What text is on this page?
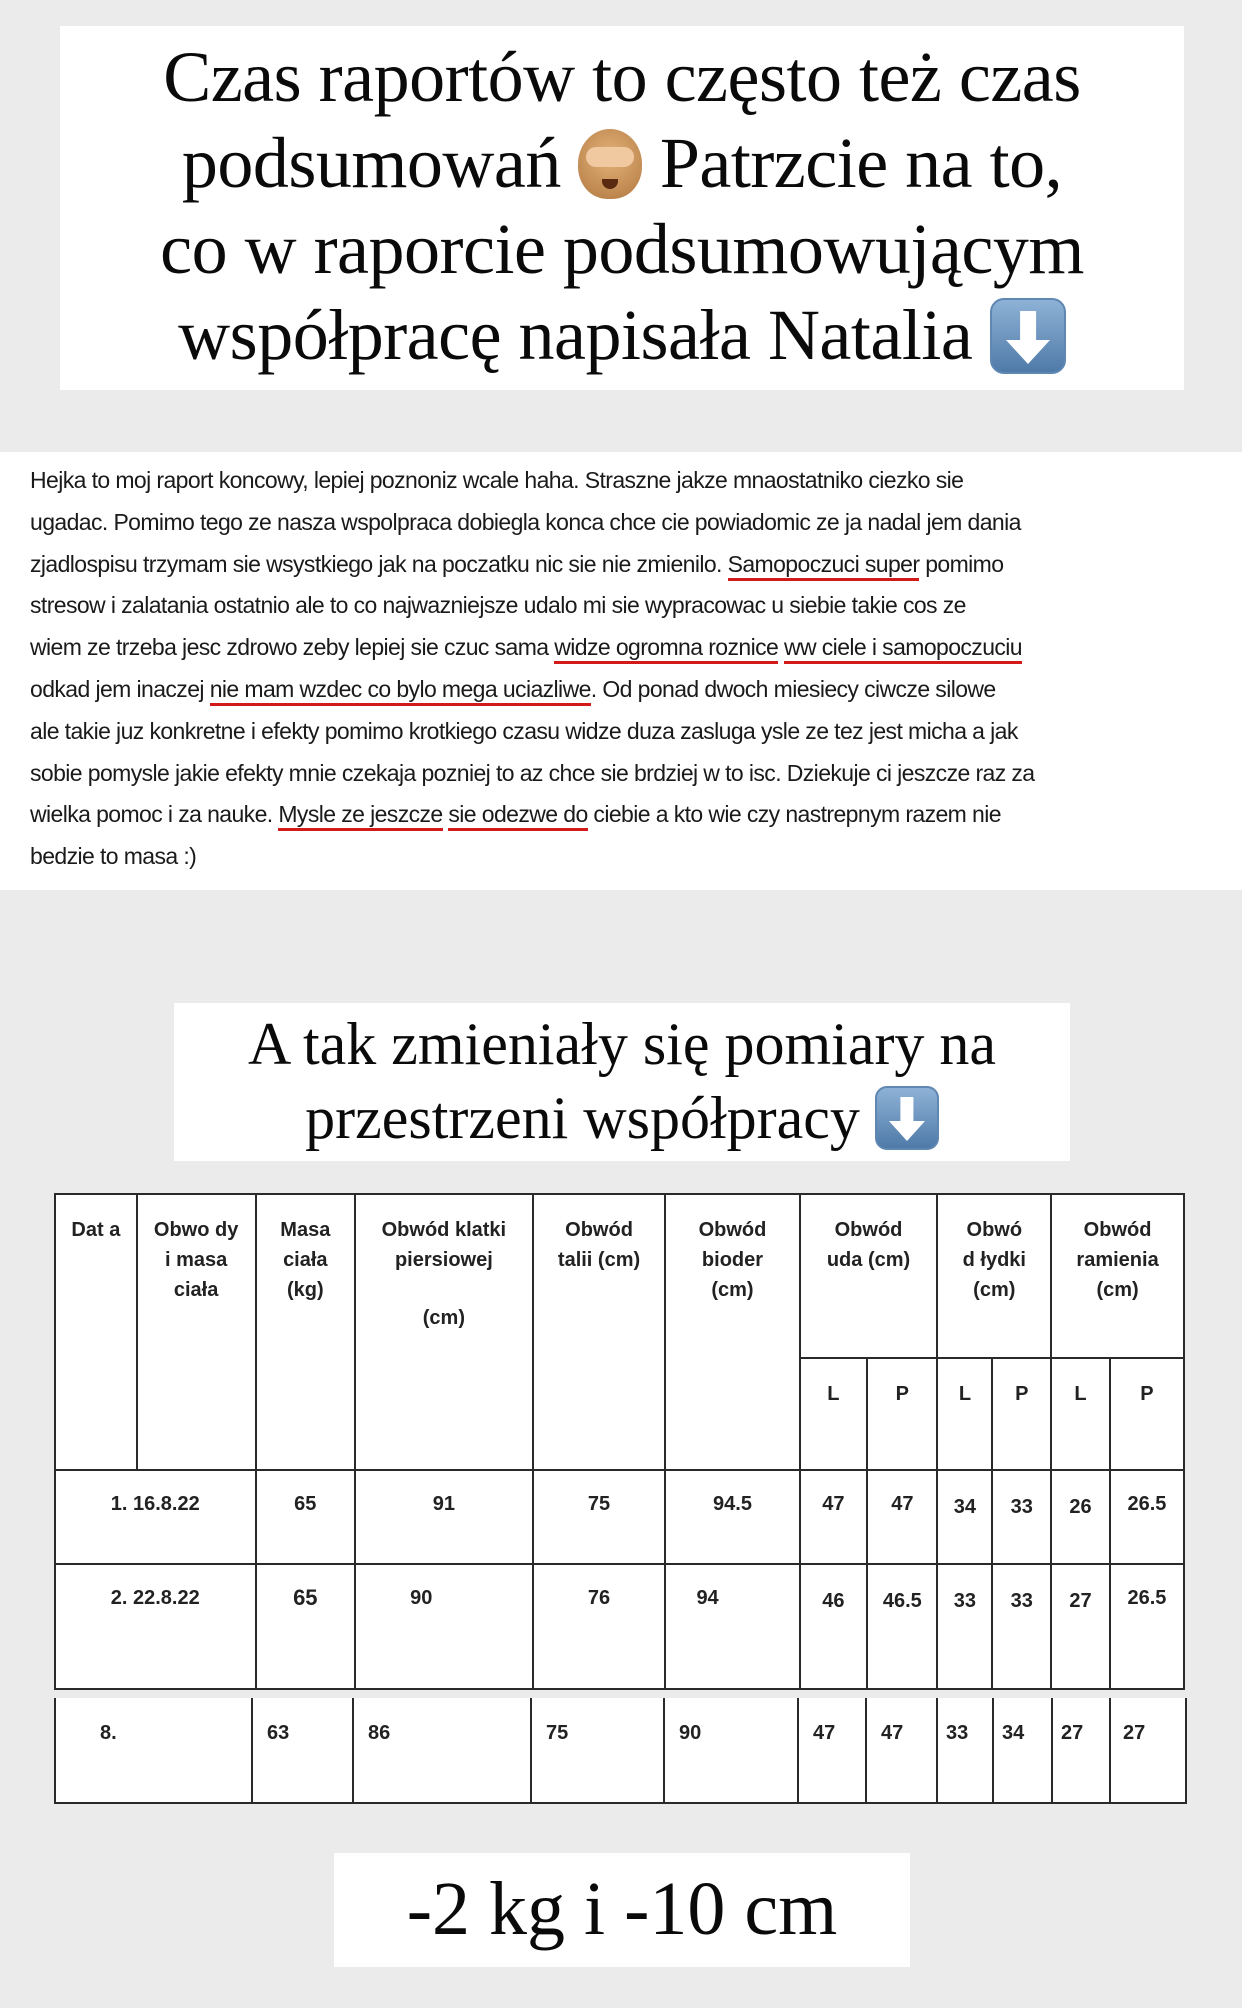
Czas raportów to często też czas
podsumowań Patrzcie na to,
co w raporcie podsumowującym
współpracę napisała Natalia

Hejka to moj raport koncowy, lepiej poznoniz wcale haha. Straszne jakze mnaostatniko ciezko sie

ugadac. Pomimo tego ze nasza wspolpraca dobiegla konca chce cie powiadomic ze ja nadal jem dania

zjadlospisu trzymam sie wsystkiego jak na poczatku nic sie nie zmienilo. Samopoczuci super pomimo

stresow i zalatania ostatnio ale to co najwazniejsze udalo mi sie wypracowac u siebie takie cos ze

wiem ze trzeba jesc zdrowo zeby lepiej sie czuc sama widze ogromna roznice ww ciele i samopoczuciu

odkad jem inaczej nie mam wzdec co bylo mega uciazliwe. Od ponad dwoch miesiecy ciwcze silowe

ale takie juz konkretne i efekty pomimo krotkiego czasu widze duza zasluga ysle ze tez jest micha a jak

sobie pomysle jakie efekty mnie czekaja pozniej to az chce sie brdziej w to isc. Dziekuje ci jeszcze raz za

wielka pomoc i za nauke. Mysle ze jeszcze sie odezwe do ciebie a kto wie czy nastrepnym razem nie

bedzie to masa :)

A tak zmieniały się pomiary na
przestrzeni współpracy
Dat a	Obwo dy i masa ciała	Masa ciała (kg)	Obwód klatki piersiowej
(cm)	Obwód talii (cm)	Obwód bioder (cm)	Obwód uda (cm)		Obwó d łydki (cm)		Obwód ramienia (cm)	
						L	P	L	P	L	P
1. 16.8.22		65	91	75	94.5	47	47	34	33	26	26.5
2. 22.8.22		65	90	76	94	46	46.5	33	33	27	26.5
8.	63	86	75	90	47	47	33	34	27	27
-2 kg i -10 cm
